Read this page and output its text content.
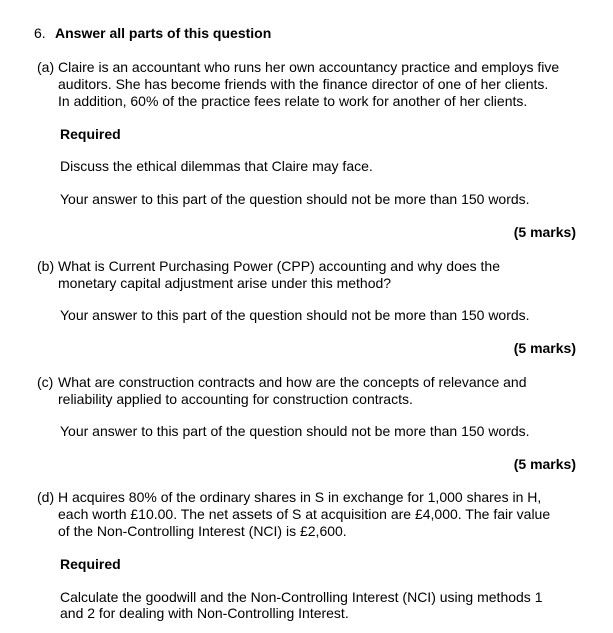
6. Answer all parts of this question
(a) Claire is an accountant who runs her own accountancy practice and employs five
auditors. She has become friends with the finance director of one of her clients.
In addition, 60% of the practice fees relate to work for another of her clients.
Required
Discuss the ethical dilemmas that Claire may face.
Your answer to this part of the question should not be more than 150 words.
(5 marks)
(b) What is Current Purchasing Power (CPP) accounting and why does the
monetary capital adjustment arise under this method?
Your answer to this part of the question should not be more than 150 words.
(5 marks)
(c) What are construction contracts and how are the concepts of relevance and
reliability applied to accounting for construction contracts.
Your answer to this part of the question should not be more than 150 words.
(5 marks)
(d) H acquires 80% of the ordinary shares in S in exchange for 1,000 shares in H,
each worth £10.00. The net assets of S at acquisition are £4,000. The fair value
of the Non-Controlling Interest (NCI) is £2,600.
Required
Calculate the goodwill and the Non-Controlling Interest (NCI) using methods 1
and 2 for dealing with Non-Controlling Interest.
